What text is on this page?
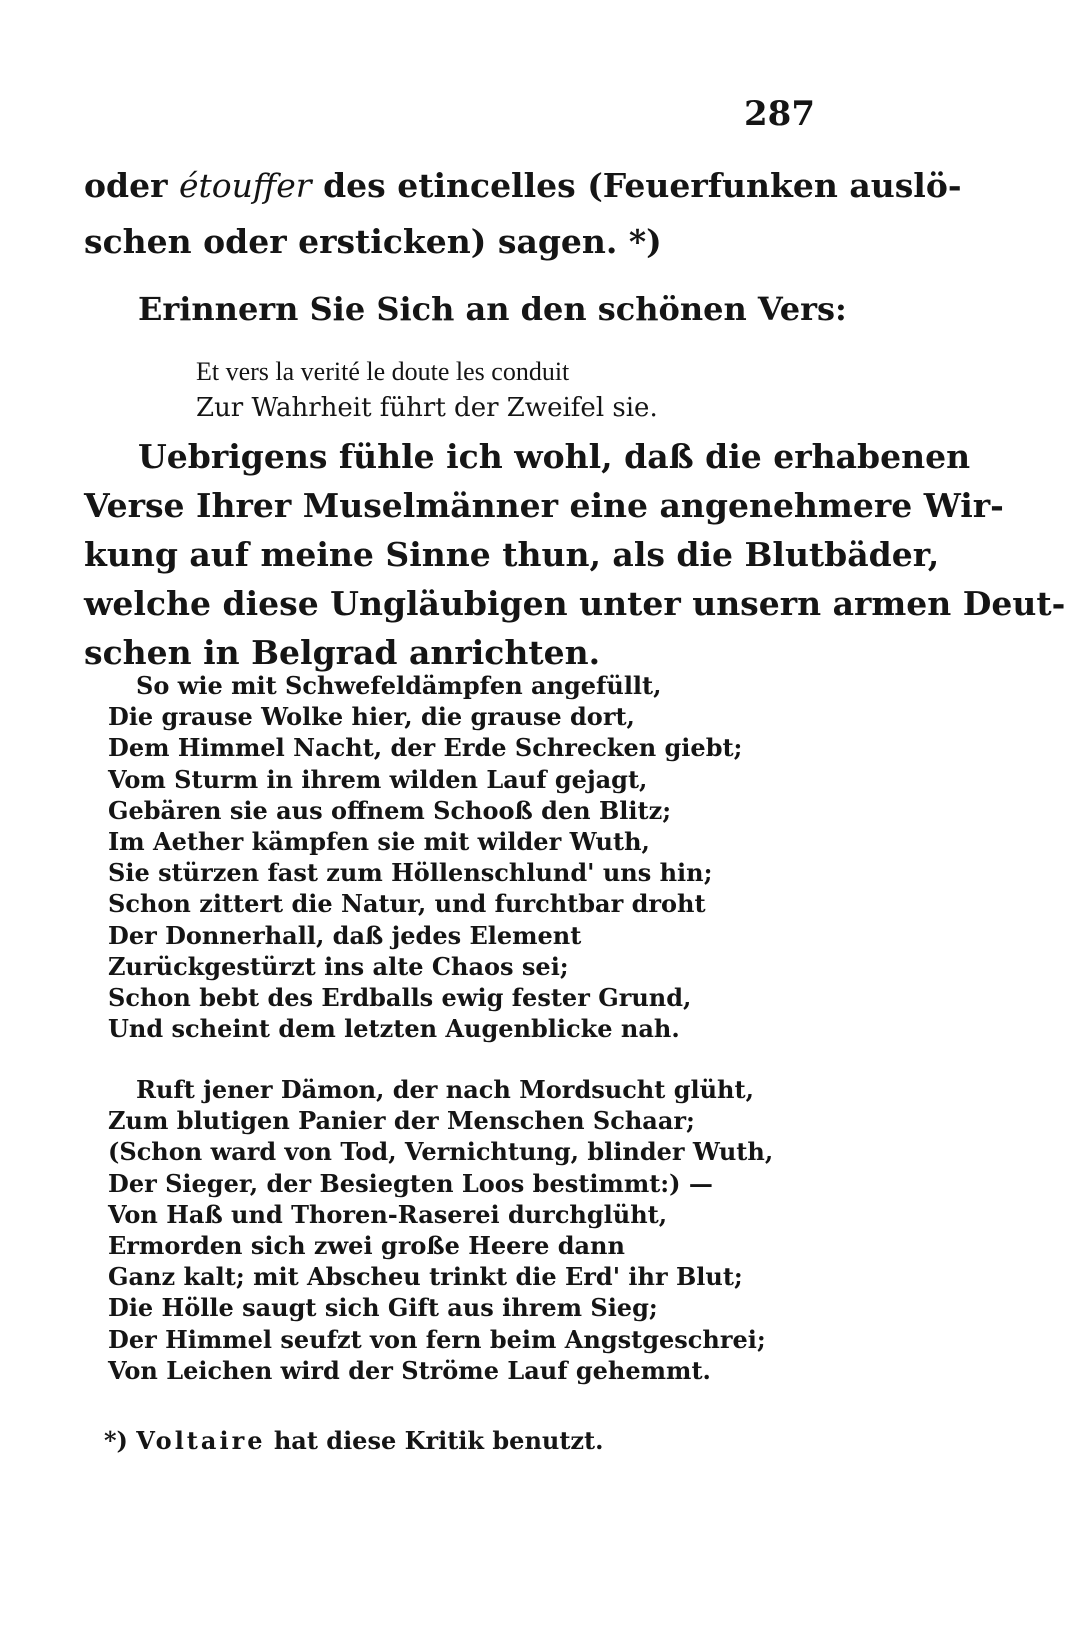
287
oder étouffer des etincelles (Feuerfunken auslö-
schen oder ersticken) sagen. *)
Erinnern Sie Sich an den schönen Vers:
Et vers la verité le doute les conduit
Zur Wahrheit führt der Zweifel sie.
Uebrigens fühle ich wohl, daß die erhabenen
Verse Ihrer Muselmänner eine angenehmere Wir-
kung auf meine Sinne thun, als die Blutbäder,
welche diese Ungläubigen unter unsern armen Deut-
schen in Belgrad anrichten.
So wie mit Schwefeldämpfen angefüllt,
Die grause Wolke hier, die grause dort,
Dem Himmel Nacht, der Erde Schrecken giebt;
Vom Sturm in ihrem wilden Lauf gejagt,
Gebären sie aus offnem Schooß den Blitz;
Im Aether kämpfen sie mit wilder Wuth,
Sie stürzen fast zum Höllenschlund' uns hin;
Schon zittert die Natur, und furchtbar droht
Der Donnerhall, daß jedes Element
Zurückgestürzt ins alte Chaos sei;
Schon bebt des Erdballs ewig fester Grund,
Und scheint dem letzten Augenblicke nah.
Ruft jener Dämon, der nach Mordsucht glüht,
Zum blutigen Panier der Menschen Schaar;
(Schon ward von Tod, Vernichtung, blinder Wuth,
Der Sieger, der Besiegten Loos bestimmt:) —
Von Haß und Thoren-Raserei durchglüht,
Ermorden sich zwei große Heere dann
Ganz kalt; mit Abscheu trinkt die Erd' ihr Blut;
Die Hölle saugt sich Gift aus ihrem Sieg;
Der Himmel seufzt von fern beim Angstgeschrei;
Von Leichen wird der Ströme Lauf gehemmt.
*) Voltaire hat diese Kritik benutzt.
